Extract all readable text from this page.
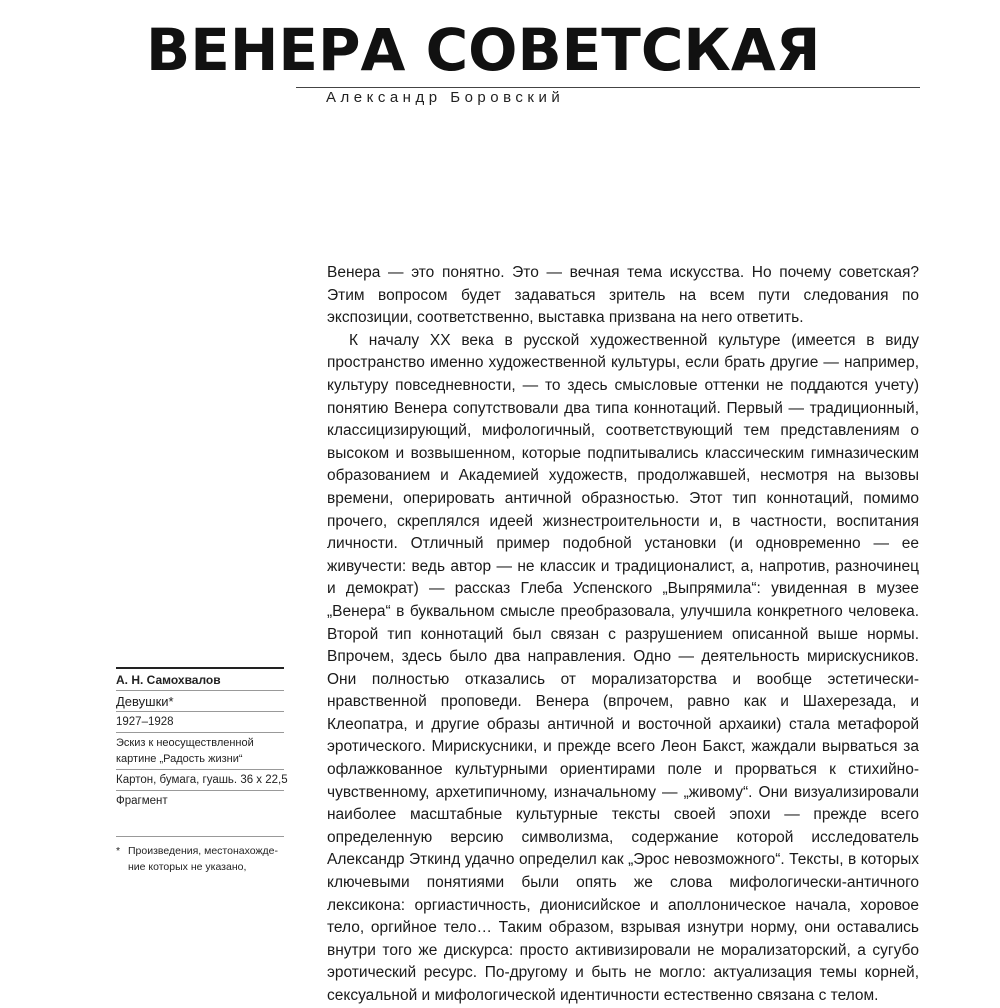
ВЕНЕРА СОВЕТСКАЯ
Александр Боровский

Венера — это понятно. Это — вечная тема искусства. Но почему советская? Этим вопросом будет задаваться зритель на всем пути следования по экспозиции, соответственно, выставка призвана на него ответить.

К началу XX века в русской художественной культуре (имеется в виду пространство именно художественной культуры, если брать другие — например, культуру повседневности, — то здесь смысловые оттенки не поддаются учету) понятию Венера сопутствовали два типа коннотаций. Первый — традиционный, классицизирующий, мифологичный, соответствующий тем представлениям о высоком и возвышенном, которые подпитывались классическим гимназическим образованием и Академией художеств, продолжавшей, несмотря на вызовы времени, оперировать античной образностью. Этот тип коннотаций, помимо прочего, скреплялся идеей жизнестроительности и, в частности, воспитания личности. Отличный пример подобной установки (и одновременно — ее живучести: ведь автор — не классик и традиционалист, а, напротив, разночинец и демократ) — рассказ Глеба Успенского „Выпрямила“: увиденная в музее „Венера“ в буквальном смысле преобразовала, улучшила конкретного человека. Второй тип коннотаций был связан с разрушением описанной выше нормы. Впрочем, здесь было два направления. Одно — деятельность мирискусников. Они полностью отказались от морализаторства и вообще эстетически-нравственной проповеди. Венера (впрочем, равно как и Шахерезада, и Клеопатра, и другие образы античной и восточной архаики) стала метафорой эротического. Мирискусники, и прежде всего Леон Бакст, жаждали вырваться за офлажкованное культурными ориентирами поле и прорваться к стихийно-чувственному, архетипичному, изначальному — „живому“. Они визуализировали наиболее масштабные культурные тексты своей эпохи — прежде всего определенную версию символизма, содержание которой исследователь Александр Эткинд удачно определил как „Эрос невозможного“. Тексты, в которых ключевыми понятиями были опять же слова мифологически-античного лексикона: оргиастичность, дионисийское и аполлоническое начала, хоровое тело, оргийное тело… Таким образом, взрывая изнутри норму, они оставались внутри того же дискурса: просто активизировали не морализаторский, а сугубо эротический ресурс. По-другому и быть не могло: актуализация темы корней, сексуальной и мифологической идентичности естественно связана с телом.

А. Н. Самохвалов
Девушки*
1927–1928
Эскиз к неосуществленной
картине „Радость жизни“
Картон, бумага, гуашь. 36 х 22,5
Фрагмент
* Произведения, местонахожде-
ние которых не указано,
